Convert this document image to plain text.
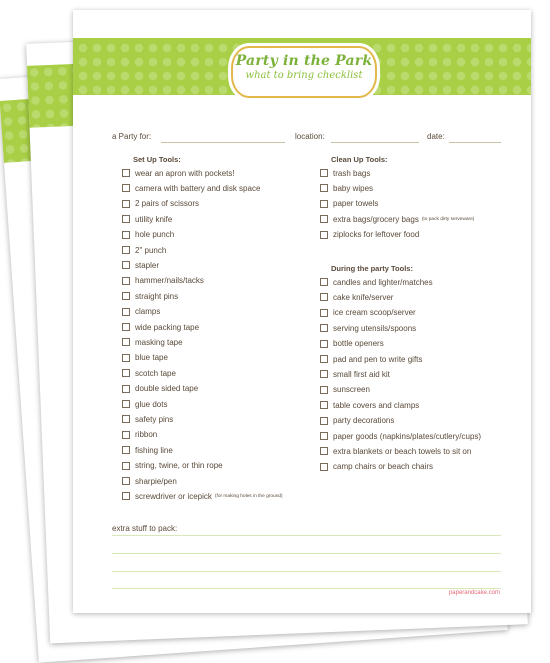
Party in the Park
what to bring checklist
a Party for:	location:	date:
Set Up Tools:
wear an apron with pockets!
camera with battery and disk space
2 pairs of scissors
utility knife
hole punch
2" punch
stapler
hammer/nails/tacks
straight pins
clamps
wide packing tape
masking tape
blue tape
scotch tape
double sided tape
glue dots
safety pins
ribbon
fishing line
string, twine, or thin rope
sharpie/pen
screwdriver or icepick (for making holes in the ground)
Clean Up Tools:
trash bags
baby wipes
paper towels
extra bags/grocery bags (to pack dirty serveware)
ziplocks for leftover food
During the party Tools:
candles and lighter/matches
cake knife/server
ice cream scoop/server
serving utensils/spoons
bottle openers
pad and pen to write gifts
small first aid kit
sunscreen
table covers and clamps
party decorations
paper goods (napkins/plates/cutlery/cups)
extra blankets or beach towels to sit on
camp chairs or beach chairs
extra stuff to pack:
paperandcake.com
